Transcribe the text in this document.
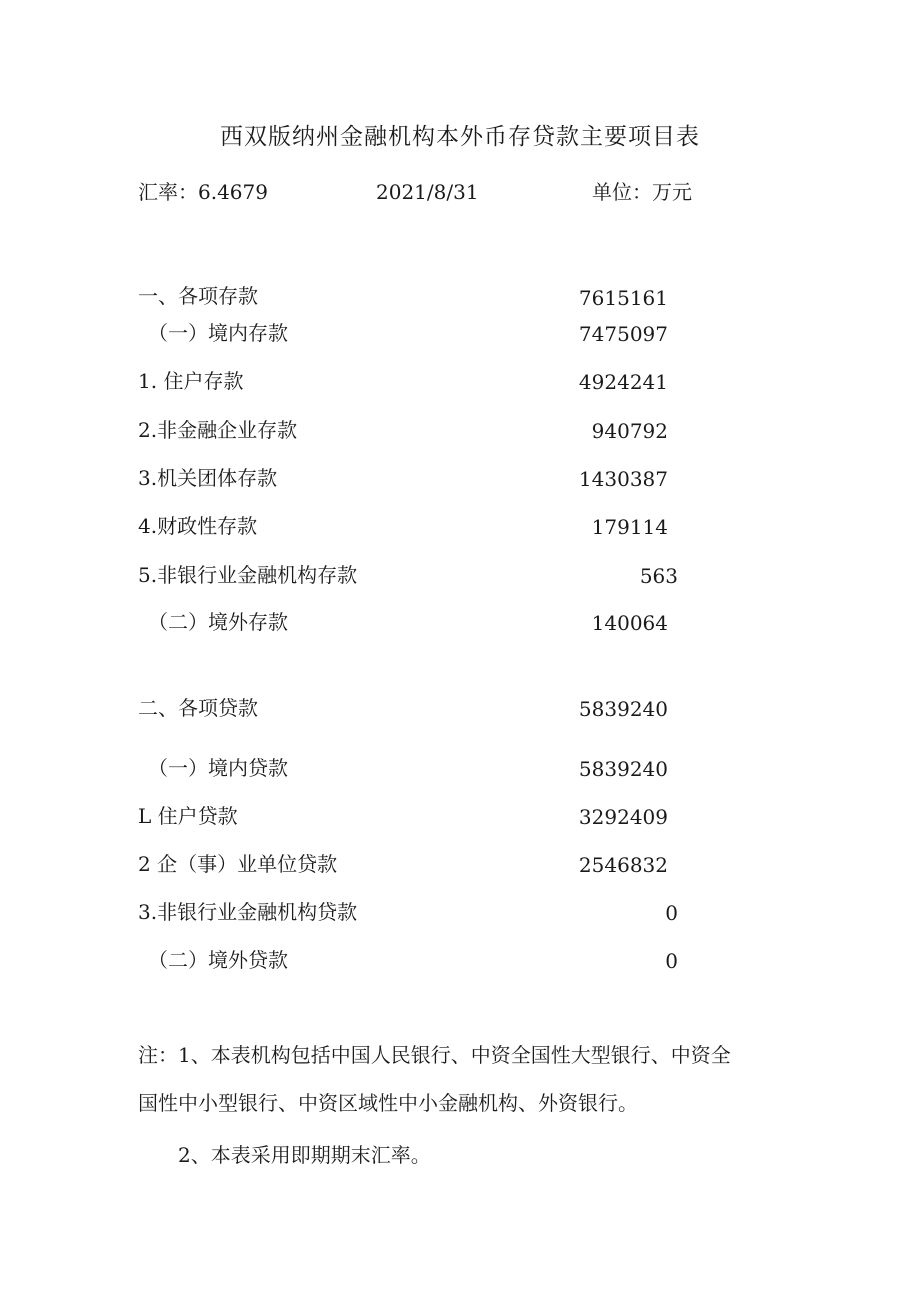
西双版纳州金融机构本外币存贷款主要项目表
汇率：6.4679	2021/8/31	单位：万元
一、各项存款	7615161
（一）境内存款	7475097
1. 住户存款	4924241
2.非金融企业存款	940792
3.机关团体存款	1430387
4.财政性存款	179114
5.非银行业金融机构存款	563
（二）境外存款	140064
二、各项贷款	5839240
（一）境内贷款	5839240
L 住户贷款	3292409
2 企（事）业单位贷款	2546832
3.非银行业金融机构贷款	0
（二）境外贷款	0
注：1、本表机构包括中国人民银行、中资全国性大型银行、中资全
国性中小型银行、中资区域性中小金融机构、外资银行。
2、本表采用即期期末汇率。
